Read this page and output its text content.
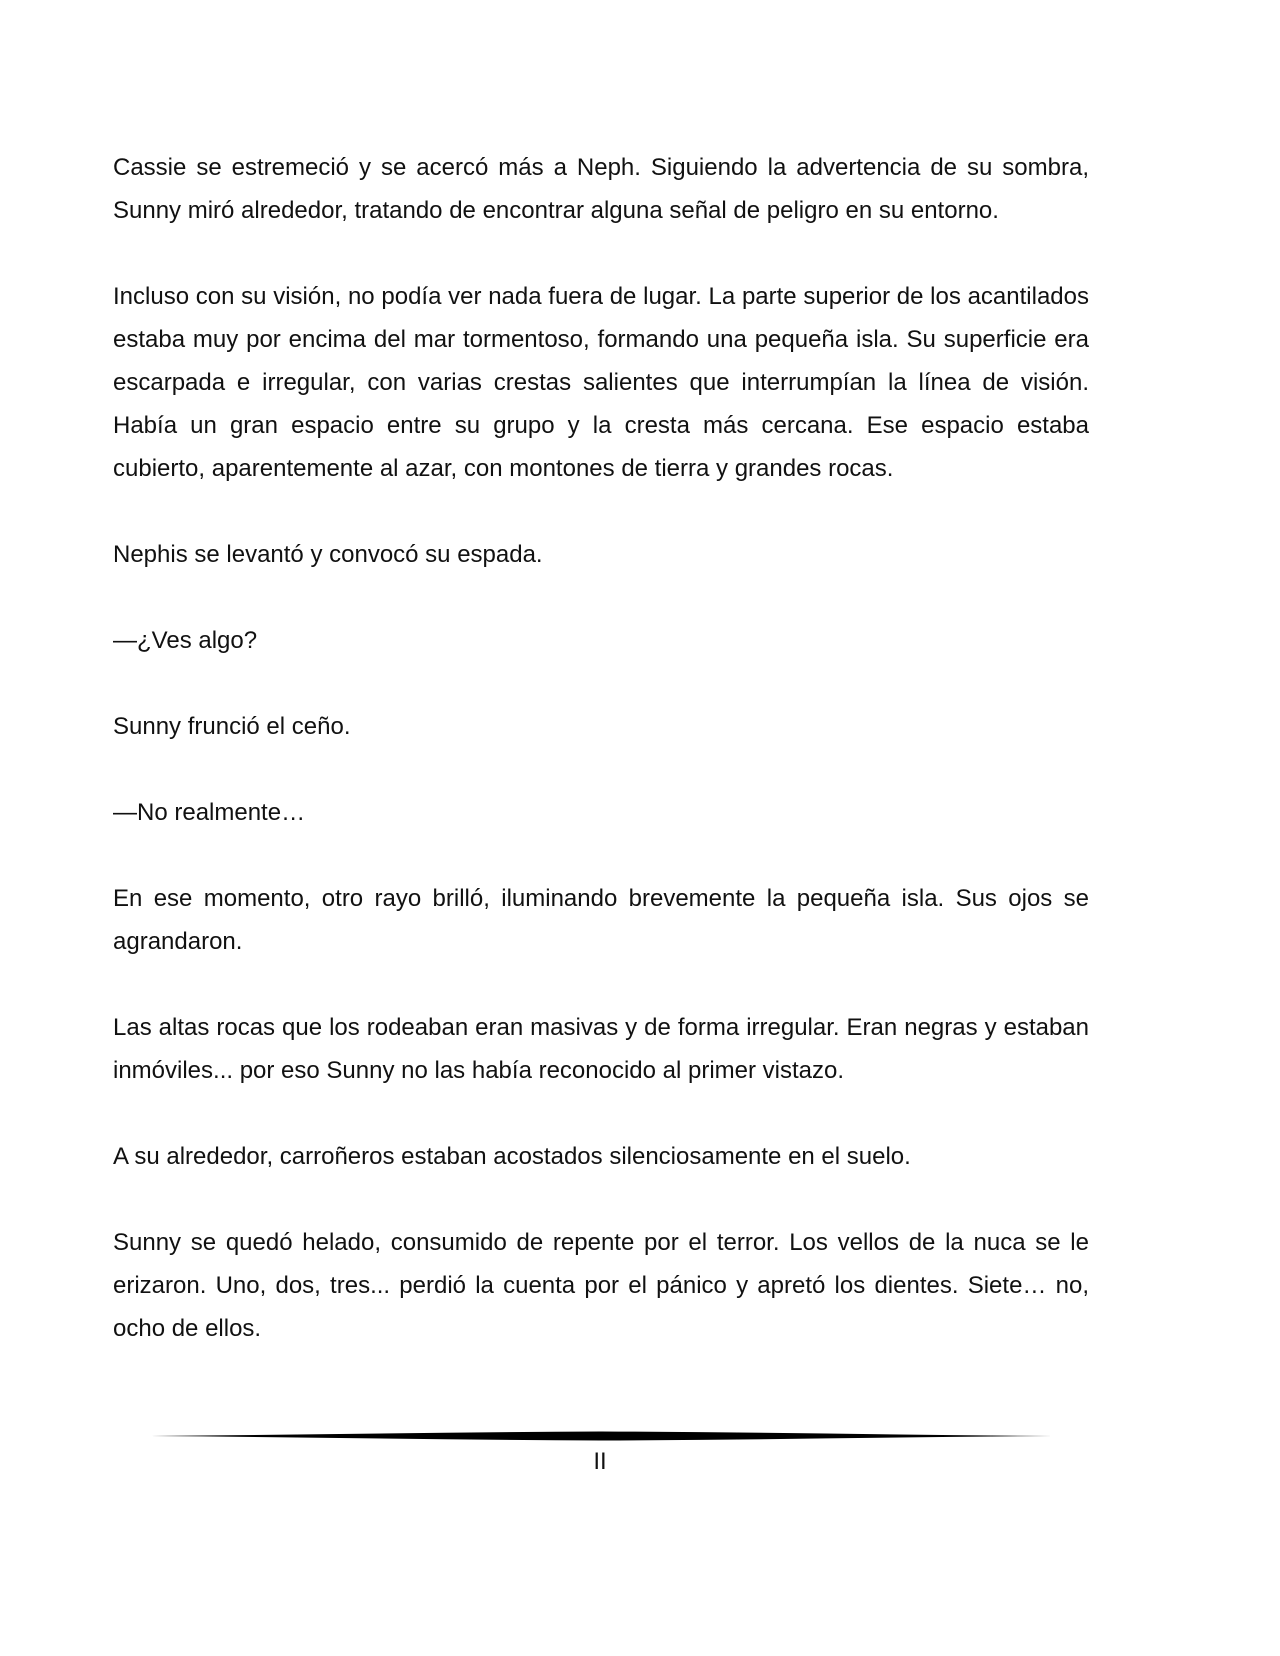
Cassie se estremeció y se acercó más a Neph. Siguiendo la advertencia de su sombra, Sunny miró alrededor, tratando de encontrar alguna señal de peligro en su entorno.

Incluso con su visión, no podía ver nada fuera de lugar. La parte superior de los acantilados estaba muy por encima del mar tormentoso, formando una pequeña isla. Su superficie era escarpada e irregular, con varias crestas salientes que interrumpían la línea de visión. Había un gran espacio entre su grupo y la cresta más cercana. Ese espacio estaba cubierto, aparentemente al azar, con montones de tierra y grandes rocas.

Nephis se levantó y convocó su espada.

—¿Ves algo?

Sunny frunció el ceño.

—No realmente…

En ese momento, otro rayo brilló, iluminando brevemente la pequeña isla. Sus ojos se agrandaron.

Las altas rocas que los rodeaban eran masivas y de forma irregular. Eran negras y estaban inmóviles... por eso Sunny no las había reconocido al primer vistazo.

A su alrededor, carroñeros estaban acostados silenciosamente en el suelo.

Sunny se quedó helado, consumido de repente por el terror. Los vellos de la nuca se le erizaron. Uno, dos, tres... perdió la cuenta por el pánico y apretó los dientes. Siete… no, ocho de ellos.

II
